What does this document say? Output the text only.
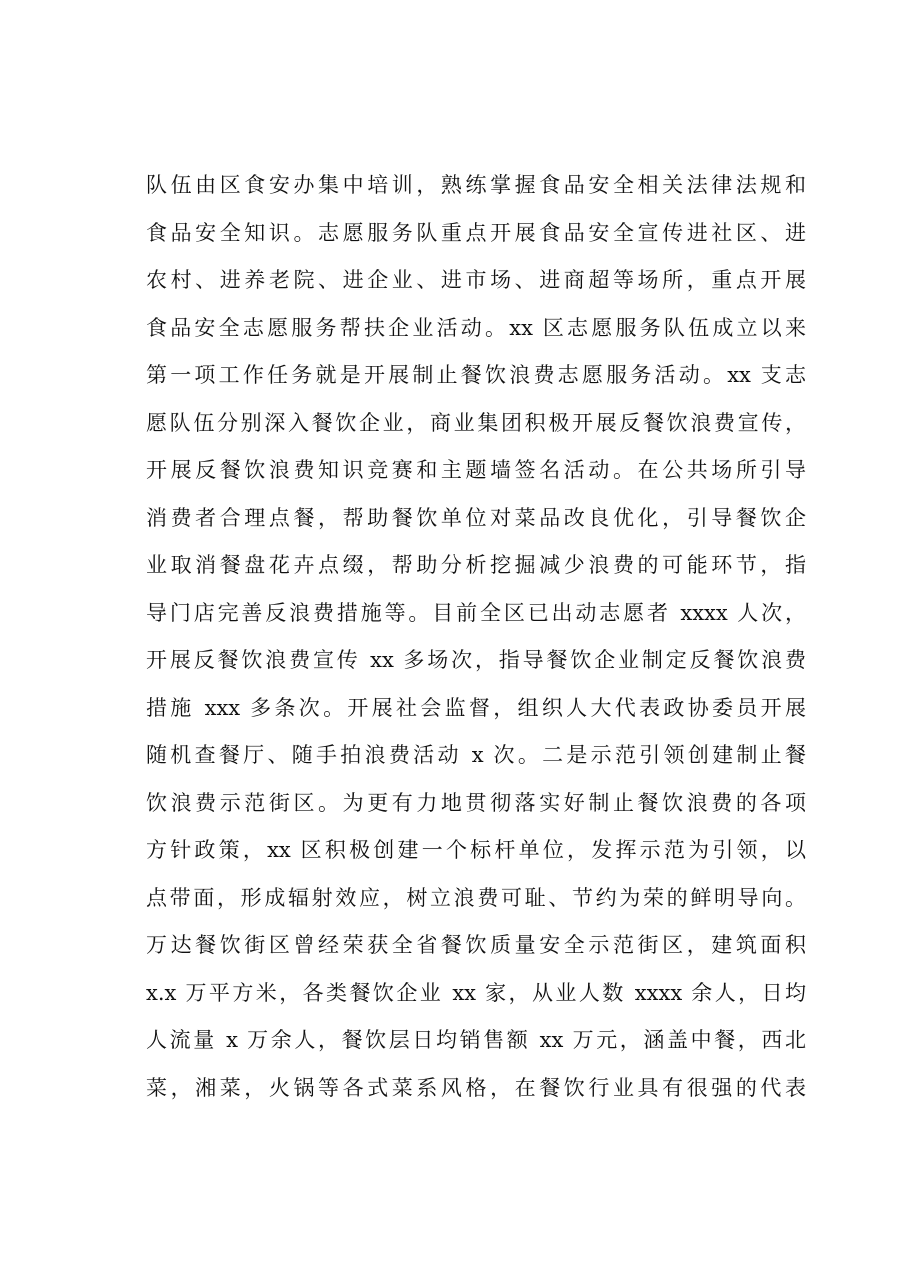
队伍由区食安办集中培训，熟练掌握食品安全相关法律法规和
食品安全知识。志愿服务队重点开展食品安全宣传进社区、进
农村、进养老院、进企业、进市场、进商超等场所，重点开展
食品安全志愿服务帮扶企业活动。xx 区志愿服务队伍成立以来
第一项工作任务就是开展制止餐饮浪费志愿服务活动。xx 支志
愿队伍分别深入餐饮企业，商业集团积极开展反餐饮浪费宣传，
开展反餐饮浪费知识竞赛和主题墙签名活动。在公共场所引导
消费者合理点餐，帮助餐饮单位对菜品改良优化，引导餐饮企
业取消餐盘花卉点缀，帮助分析挖掘减少浪费的可能环节，指
导门店完善反浪费措施等。目前全区已出动志愿者 xxxx 人次，
开展反餐饮浪费宣传 xx 多场次，指导餐饮企业制定反餐饮浪费
措施 xxx 多条次。开展社会监督，组织人大代表政协委员开展
随机查餐厅、随手拍浪费活动 x 次。二是示范引领创建制止餐
饮浪费示范街区。为更有力地贯彻落实好制止餐饮浪费的各项
方针政策，xx 区积极创建一个标杆单位，发挥示范为引领，以
点带面，形成辐射效应，树立浪费可耻、节约为荣的鲜明导向。
万达餐饮街区曾经荣获全省餐饮质量安全示范街区，建筑面积
x.x 万平方米，各类餐饮企业 xx 家，从业人数 xxxx 余人，日均
人流量 x 万余人，餐饮层日均销售额 xx 万元，涵盖中餐，西北
菜，湘菜，火锅等各式菜系风格，在餐饮行业具有很强的代表
